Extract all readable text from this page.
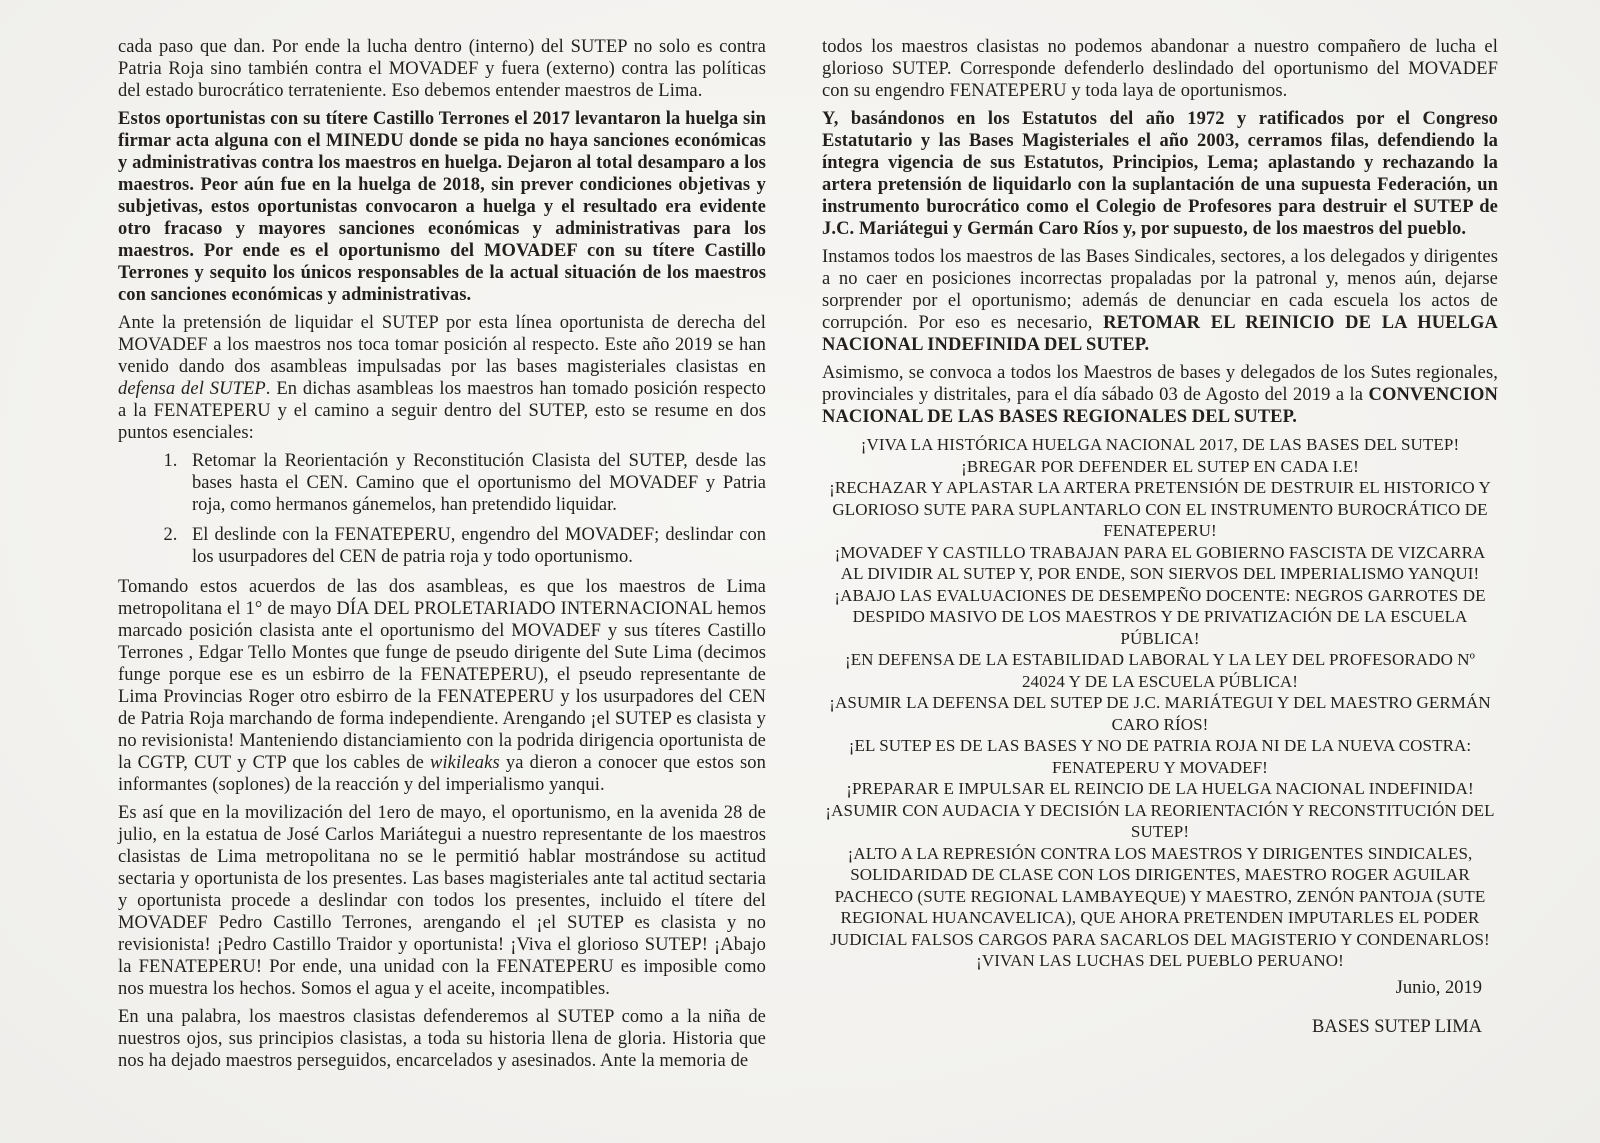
cada paso que dan. Por ende la lucha dentro (interno) del SUTEP no solo es contra Patria Roja sino también contra el MOVADEF y fuera (externo) contra las políticas del estado burocrático terrateniente. Eso debemos entender maestros de Lima.

Estos oportunistas con su títere Castillo Terrones el 2017 levantaron la huelga sin firmar acta alguna con el MINEDU donde se pida no haya sanciones económicas y administrativas contra los maestros en huelga. Dejaron al total desamparo a los maestros. Peor aún fue en la huelga de 2018, sin prever condiciones objetivas y subjetivas, estos oportunistas convocaron a huelga y el resultado era evidente otro fracaso y mayores sanciones económicas y administrativas para los maestros. Por ende es el oportunismo del MOVADEF con su títere Castillo Terrones y sequito los únicos responsables de la actual situación de los maestros con sanciones económicas y administrativas.

Ante la pretensión de liquidar el SUTEP por esta línea oportunista de derecha del MOVADEF a los maestros nos toca tomar posición al respecto. Este año 2019 se han venido dando dos asambleas impulsadas por las bases magisteriales clasistas en defensa del SUTEP. En dichas asambleas los maestros han tomado posición respecto a la FENATEPERU y el camino a seguir dentro del SUTEP, esto se resume en dos puntos esenciales:

1. Retomar la Reorientación y Reconstitución Clasista del SUTEP, desde las bases hasta el CEN. Camino que el oportunismo del MOVADEF y Patria roja, como hermanos gánemelos, han pretendido liquidar.
2. El deslinde con la FENATEPERU, engendro del MOVADEF; deslindar con los usurpadores del CEN de patria roja y todo oportunismo.

Tomando estos acuerdos de las dos asambleas, es que los maestros de Lima metropolitana el 1° de mayo DÍA DEL PROLETARIADO INTERNACIONAL hemos marcado posición clasista ante el oportunismo del MOVADEF y sus títeres Castillo Terrones , Edgar Tello Montes que funge de pseudo dirigente del Sute Lima (decimos funge porque ese es un esbirro de la FENATEPERU), el pseudo representante de Lima Provincias Roger otro esbirro de la FENATEPERU y los usurpadores del CEN de Patria Roja marchando de forma independiente. Arengando ¡el SUTEP es clasista y no revisionista! Manteniendo distanciamiento con la podrida dirigencia oportunista de la CGTP, CUT y CTP que los cables de wikileaks ya dieron a conocer que estos son informantes (soplones) de la reacción y del imperialismo yanqui.

Es así que en la movilización del 1ero de mayo, el oportunismo, en la avenida 28 de julio, en la estatua de José Carlos Mariátegui a nuestro representante de los maestros clasistas de Lima metropolitana no se le permitió hablar mostrándose su actitud sectaria y oportunista de los presentes. Las bases magisteriales ante tal actitud sectaria y oportunista procede a deslindar con todos los presentes, incluido el títere del MOVADEF Pedro Castillo Terrones, arengando el ¡el SUTEP es clasista y no revisionista! ¡Pedro Castillo Traidor y oportunista! ¡Viva el glorioso SUTEP! ¡Abajo la FENATEPERU! Por ende, una unidad con la FENATEPERU es imposible como nos muestra los hechos. Somos el agua y el aceite, incompatibles.

En una palabra, los maestros clasistas defenderemos al SUTEP como a la niña de nuestros ojos, sus principios clasistas, a toda su historia llena de gloria. Historia que nos ha dejado maestros perseguidos, encarcelados y asesinados. Ante la memoria de

todos los maestros clasistas no podemos abandonar a nuestro compañero de lucha el glorioso SUTEP. Corresponde defenderlo deslindado del oportunismo del MOVADEF con su engendro FENATEPERU y toda laya de oportunismos.

Y, basándonos en los Estatutos del año 1972 y ratificados por el Congreso Estatutario y las Bases Magisteriales el año 2003, cerramos filas, defendiendo la íntegra vigencia de sus Estatutos, Principios, Lema; aplastando y rechazando la artera pretensión de liquidarlo con la suplantación de una supuesta Federación, un instrumento burocrático como el Colegio de Profesores para destruir el SUTEP de J.C. Mariátegui y Germán Caro Ríos y, por supuesto, de los maestros del pueblo.

Instamos todos los maestros de las Bases Sindicales, sectores, a los delegados y dirigentes a no caer en posiciones incorrectas propaladas por la patronal y, menos aún, dejarse sorprender por el oportunismo; además de denunciar en cada escuela los actos de corrupción. Por eso es necesario, RETOMAR EL REINICIO DE LA HUELGA NACIONAL INDEFINIDA DEL SUTEP.

Asimismo, se convoca a todos los Maestros de bases y delegados de los Sutes regionales, provinciales y distritales, para el día sábado 03 de Agosto del 2019 a la CONVENCION NACIONAL DE LAS BASES REGIONALES DEL SUTEP.

¡VIVA LA HISTÓRICA HUELGA NACIONAL 2017, DE LAS BASES DEL SUTEP!

¡BREGAR POR DEFENDER EL SUTEP EN CADA I.E!

¡RECHAZAR Y APLASTAR LA ARTERA PRETENSIÓN DE DESTRUIR EL HISTORICO Y GLORIOSO SUTE PARA SUPLANTARLO CON EL INSTRUMENTO BUROCRÁTICO DE FENATEPERU!

¡MOVADEF Y CASTILLO TRABAJAN PARA EL GOBIERNO FASCISTA DE VIZCARRA AL DIVIDIR AL SUTEP Y, POR ENDE, SON SIERVOS DEL IMPERIALISMO YANQUI!

¡ABAJO LAS EVALUACIONES DE DESEMPEÑO DOCENTE: NEGROS GARROTES DE DESPIDO MASIVO DE LOS MAESTROS Y DE PRIVATIZACIÓN DE LA ESCUELA PÚBLICA!

¡EN DEFENSA DE LA ESTABILIDAD LABORAL Y LA LEY DEL PROFESORADO Nº 24024 Y DE LA ESCUELA PÚBLICA!

¡ASUMIR LA DEFENSA DEL SUTEP DE J.C. MARIÁTEGUI Y DEL MAESTRO GERMÁN CARO RÍOS!

¡EL SUTEP ES DE LAS BASES Y NO DE PATRIA ROJA NI DE LA NUEVA COSTRA: FENATEPERU Y MOVADEF!

¡PREPARAR E IMPULSAR EL REINCIO DE LA HUELGA NACIONAL INDEFINIDA!

¡ASUMIR CON AUDACIA Y DECISIÓN LA REORIENTACIÓN Y RECONSTITUCIÓN DEL SUTEP!

¡ALTO A LA REPRESIÓN CONTRA LOS MAESTROS Y DIRIGENTES SINDICALES, SOLIDARIDAD DE CLASE CON LOS DIRIGENTES, MAESTRO ROGER AGUILAR PACHECO (SUTE REGIONAL LAMBAYEQUE) Y MAESTRO, ZENÓN PANTOJA (SUTE REGIONAL HUANCAVELICA), QUE AHORA PRETENDEN IMPUTARLES EL PODER JUDICIAL FALSOS CARGOS PARA SACARLOS DEL MAGISTERIO Y CONDENARLOS!

¡VIVAN LAS LUCHAS DEL PUEBLO PERUANO!

Junio, 2019

BASES SUTEP LIMA
